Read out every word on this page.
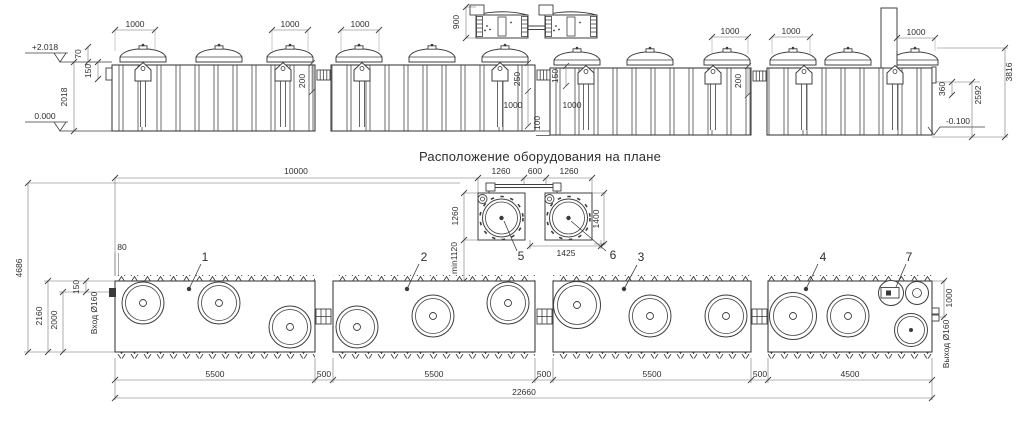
+2.018
0.000	-0.100
2018
70
150
1000	1000	1000
1000	1000	1000
900
200	250
1000
150
1000
100
200
360	2592
3816
Расположение оборудования на плане
10000	1260 600 1260
1260
min1120
1400
1425
1	2	3	4
5	6	7
4686
2160 2000
150
80
Вход Ø160	1000
Выход Ø160
5500	500	5500	500	5500	500	4500
22660
